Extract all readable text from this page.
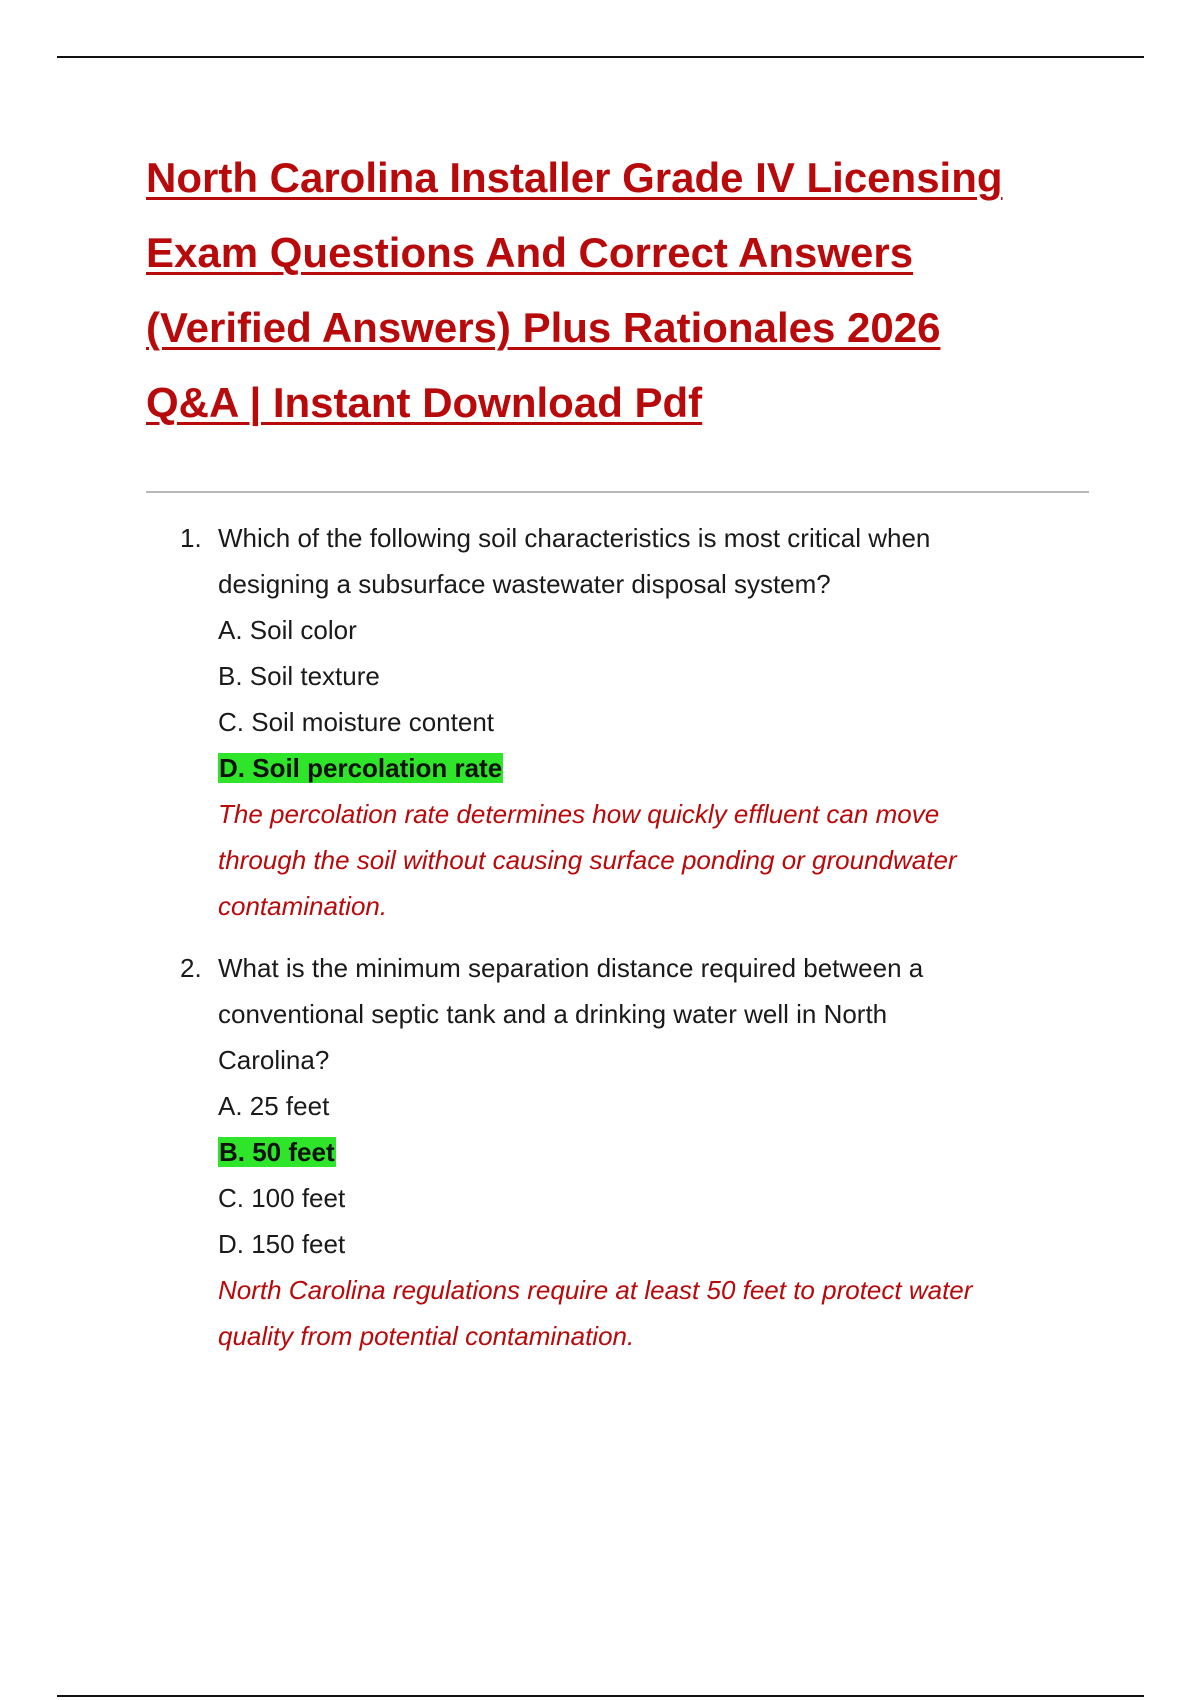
North Carolina Installer Grade IV Licensing
Exam Questions And Correct Answers
(Verified Answers) Plus Rationales 2026
Q&A | Instant Download Pdf
1. Which of the following soil characteristics is most critical when
designing a subsurface wastewater disposal system?
A. Soil color
B. Soil texture
C. Soil moisture content
D. Soil percolation rate
The percolation rate determines how quickly effluent can move
through the soil without causing surface ponding or groundwater
contamination.
2. What is the minimum separation distance required between a
conventional septic tank and a drinking water well in North
Carolina?
A. 25 feet
B. 50 feet
C. 100 feet
D. 150 feet
North Carolina regulations require at least 50 feet to protect water
quality from potential contamination.
